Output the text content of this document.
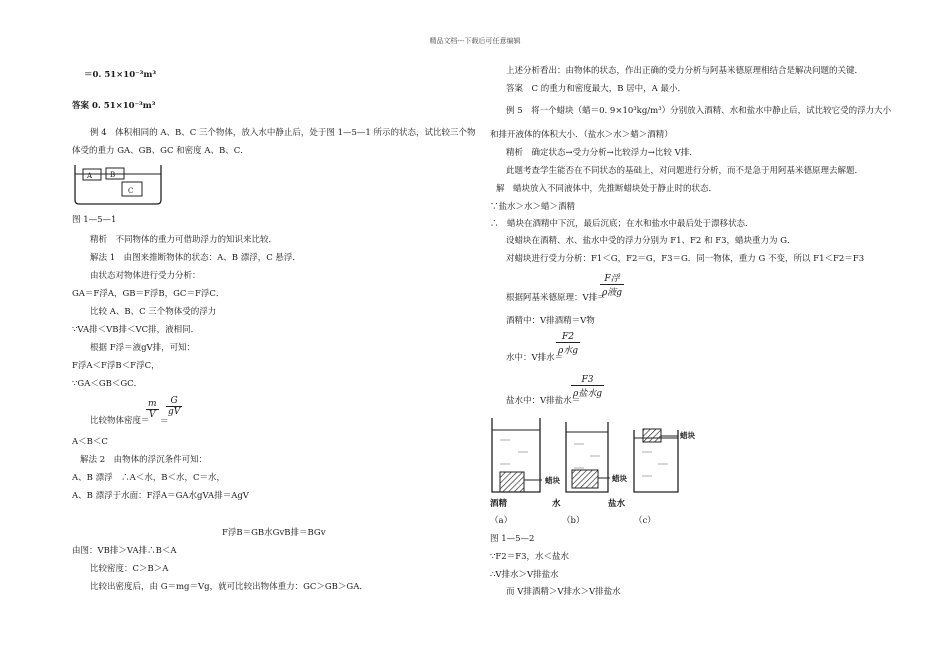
精品文档---下载后可任意编辑
＝0. 51×10⁻³m³
答案 0. 51×10⁻³m³
例 4　体积相同的 A、B、C 三个物体，放入水中静止后，处于图 1—5—1 所示的状态，试比较三个物
体受的重力 GA、GB、GC 和密度 A、B、C．
A	B
C
图 1—5—1
精析　不同物体的重力可借助浮力的知识来比较．
解法 1　由图来推断物体的状态：A、B 漂浮，C 悬浮．
由状态对物体进行受力分析：
GA＝F浮A，GB＝F浮B，GC＝F浮C．
比较 A、B、C 三个物体受的浮力
∵VA排＜VB排＜VC排，液相同．
根据 F浮＝液gV排，可知：
F浮A＜F浮B＜F浮C，
∵GA＜GB＜GC．
比较物体密度＝
$\frac{m}{V}$
＝
$\frac{G}{gV}$
A＜B＜C
解法 2　由物体的浮沉条件可知：
A、B 漂浮　∴A＜水，B＜水，C＝水，
A、B 漂浮于水面：F浮A＝GA水gVA排＝AgV
F浮B＝GB水GvB排＝BGv
由图：VB排＞VA排∴B＜A
比较密度：C＞B＞A
比较出密度后，由 G＝mg＝Vg，就可比较出物体重力：GC＞GB＞GA．
上述分析看出：由物体的状态，作出正确的受力分析与阿基米德原理相结合是解决问题的关键．
答案　C 的重力和密度最大，B 居中，A 最小．
例 5　将一个蜡块（蜡＝0. 9×10³kg/m³）分别放入酒精、水和盐水中静止后，试比较它受的浮力大小
和排开液体的体积大小．（盐水＞水＞蜡＞酒精）
精析　确定状态→受力分析→比较浮力→比较 V排．
此题考查学生能否在不同状态的基础上，对问题进行分析，而不是急于用阿基米德原理去解题．
解　蜡块放入不同液体中，先推断蜡块处于静止时的状态．
∵盐水＞水＞蜡＞酒精
∴　蜡块在酒精中下沉，最后沉底；在水和盐水中最后处于漂移状态．
设蜡块在酒精、水、盐水中受的浮力分别为 F1、F2 和 F3，蜡块重力为 G．
对蜡块进行受力分析：F1＜G，F2＝G，F3＝G．同一物体，重力 G 不变，所以 F1＜F2＝F3
根据阿基米德原理：V排＝
F浮
ρ液g
酒精中：V排酒精＝V物
水中：V排水＝
F2
ρ水g
盐水中：V排盐水＝
F3
ρ盐水g
蜡块	蜡块
蜡块
酒精	水	盐水
（a）	（b）	（c）
图 1—5—2
∵F2＝F3，水＜盐水
∴V排水＞V排盐水
而 V排酒精＞V排水＞V排盐水
